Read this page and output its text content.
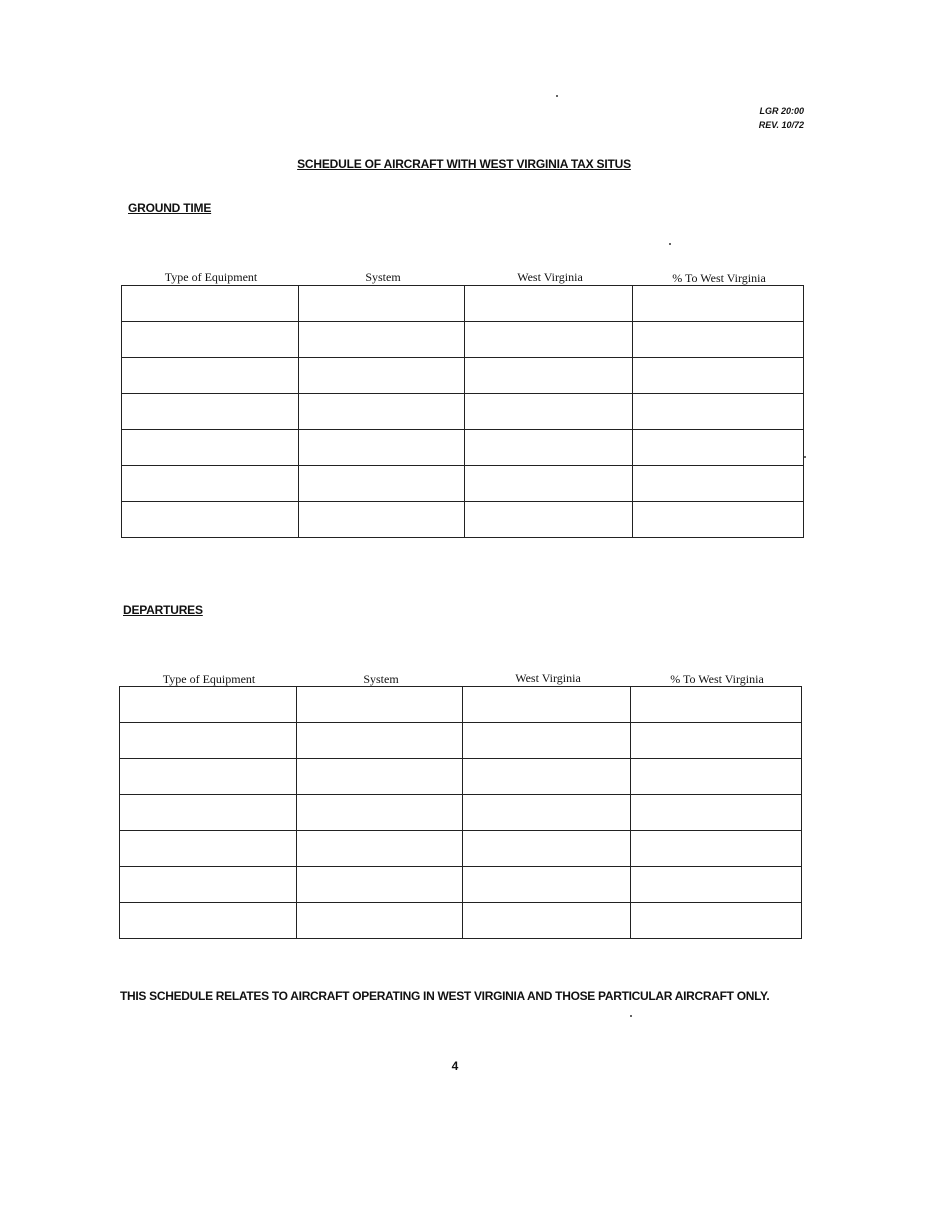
LGR 20:00
REV. 10/72
SCHEDULE OF AIRCRAFT WITH WEST VIRGINIA TAX SITUS
GROUND TIME
Type of Equipment	System	West Virginia	% To West Virginia

DEPARTURES
Type of Equipment	System	West Virginia	% To West Virginia

THIS SCHEDULE RELATES TO AIRCRAFT OPERATING IN WEST VIRGINIA AND THOSE PARTICULAR AIRCRAFT ONLY.
4
